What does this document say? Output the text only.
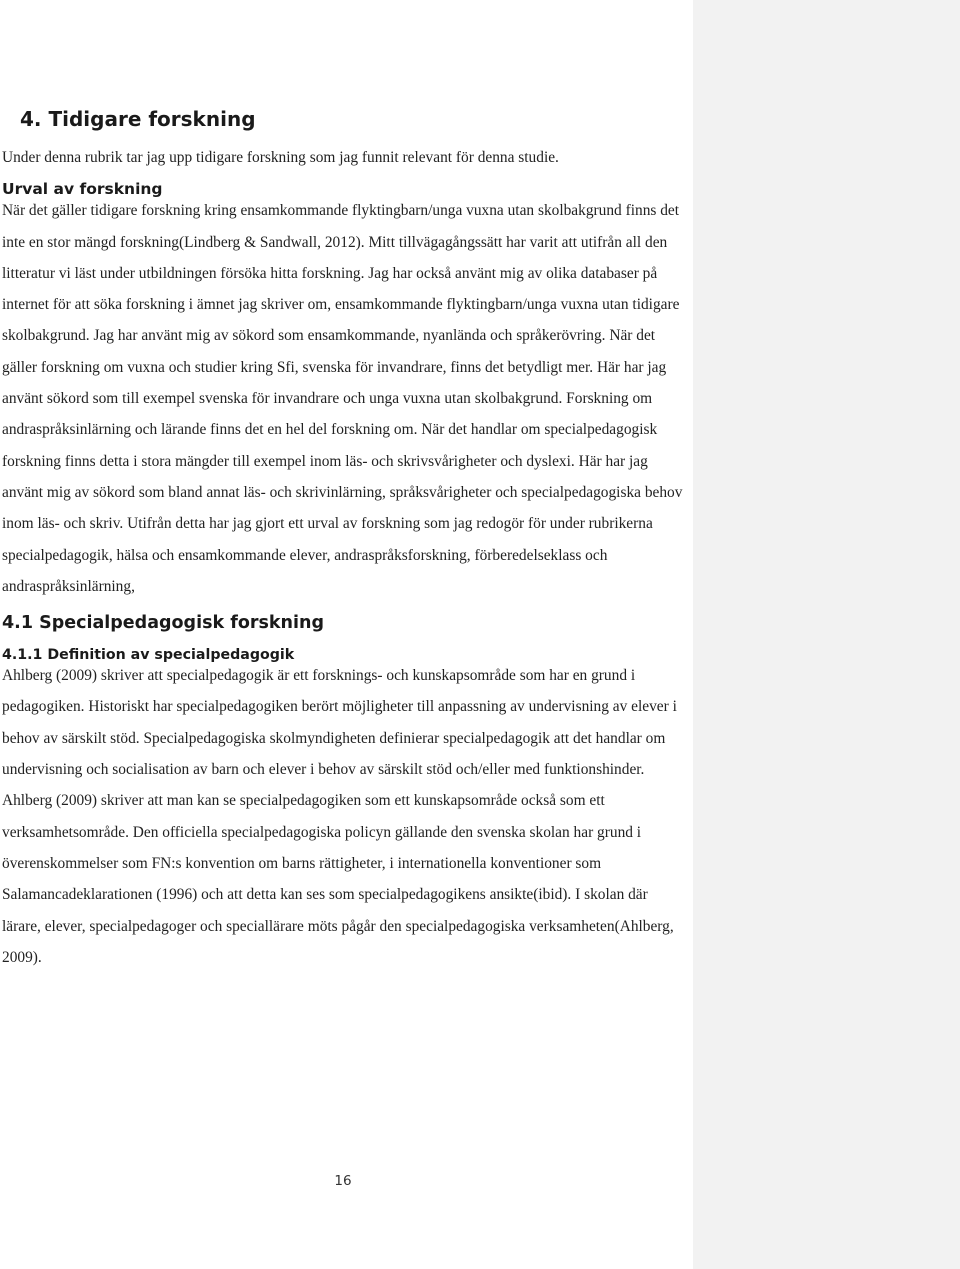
4. Tidigare forskning

Under denna rubrik tar jag upp tidigare forskning som jag funnit relevant för denna studie.

Urval av forskning

När det gäller tidigare forskning kring ensamkommande flyktingbarn/unga vuxna utan skolbakgrund finns det inte en stor mängd forskning(Lindberg & Sandwall, 2012). Mitt tillvägagångssätt har varit att utifrån all den litteratur vi läst under utbildningen försöka hitta forskning. Jag har också använt mig av olika databaser på internet för att söka forskning i ämnet jag skriver om, ensamkommande flyktingbarn/unga vuxna utan tidigare skolbakgrund. Jag har använt mig av sökord som ensamkommande, nyanlända och språkerövring. När det gäller forskning om vuxna och studier kring Sfi, svenska för invandrare, finns det betydligt mer. Här har jag använt sökord som till exempel svenska för invandrare och unga vuxna utan skolbakgrund. Forskning om andraspråksinlärning och lärande finns det en hel del forskning om. När det handlar om specialpedagogisk forskning finns detta i stora mängder till exempel inom läs- och skrivsvårigheter och dyslexi. Här har jag använt mig av sökord som bland annat läs- och skrivinlärning, språksvårigheter och specialpedagogiska behov inom läs- och skriv. Utifrån detta har jag gjort ett urval av forskning som jag redogör för under rubrikerna specialpedagogik, hälsa och ensamkommande elever, andraspråksforskning, förberedelseklass och andraspråksinlärning,

4.1 Specialpedagogisk forskning
4.1.1 Definition av specialpedagogik

Ahlberg (2009) skriver att specialpedagogik är ett forsknings- och kunskapsområde som har en grund i pedagogiken. Historiskt har specialpedagogiken berört möjligheter till anpassning av undervisning av elever i behov av särskilt stöd. Specialpedagogiska skolmyndigheten definierar specialpedagogik att det handlar om undervisning och socialisation av barn och elever i behov av särskilt stöd och/eller med funktionshinder. Ahlberg (2009) skriver att man kan se specialpedagogiken som ett kunskapsområde också som ett verksamhetsområde. Den officiella specialpedagogiska policyn gällande den svenska skolan har grund i överenskommelser som FN:s konvention om barns rättigheter, i internationella konventioner som Salamancadeklarationen (1996) och att detta kan ses som specialpedagogikens ansikte(ibid). I skolan där lärare, elever, specialpedagoger och speciallärare möts pågår den specialpedagogiska verksamheten(Ahlberg, 2009).

16
